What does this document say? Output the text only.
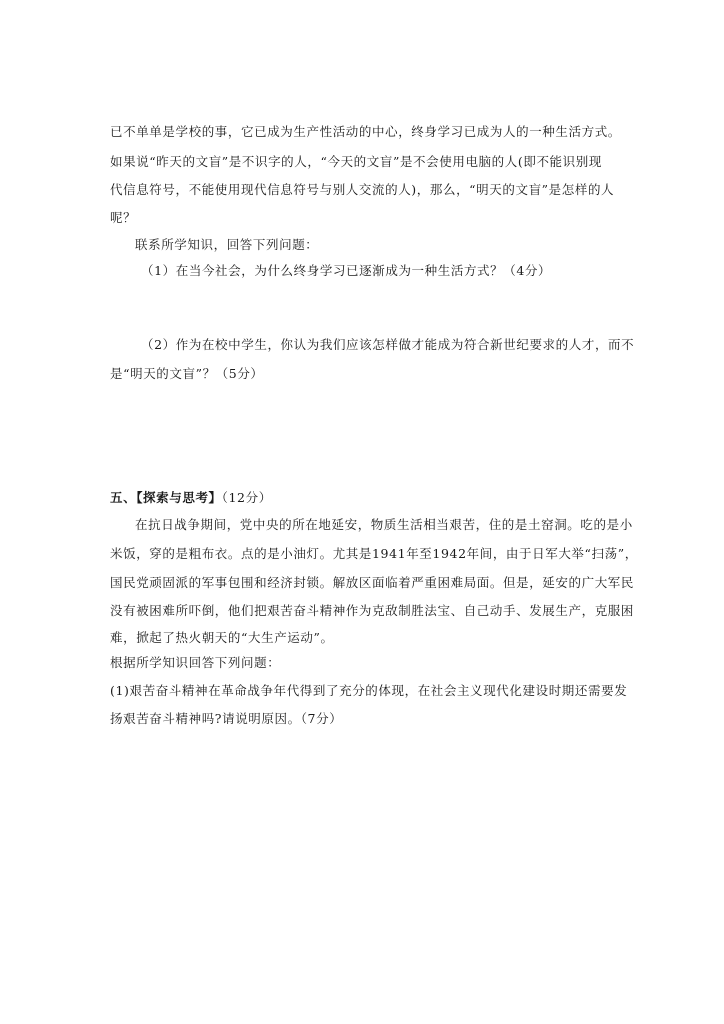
已不单单是学校的事，它已成为生产性活动的中心，终身学习已成为人的一种生活方式。
如果说“昨天的文盲”是不识字的人，“今天的文盲”是不会使用电脑的人(即不能识别现
代信息符号，不能使用现代信息符号与别人交流的人)，那么，“明天的文盲”是怎样的人
呢？
联系所学知识，回答下列问题：
（1）在当今社会，为什么终身学习已逐渐成为一种生活方式？（4分）
（2）作为在校中学生，你认为我们应该怎样做才能成为符合新世纪要求的人才，而不
是“明天的文盲”？（5分）
五、【探索与思考】（12分）
在抗日战争期间，党中央的所在地延安，物质生活相当艰苦，住的是土窑洞。吃的是小
米饭，穿的是粗布衣。点的是小油灯。尤其是1941年至1942年间，由于日军大举“扫荡”，
国民党顽固派的军事包围和经济封锁。解放区面临着严重困难局面。但是，延安的广大军民
没有被困难所吓倒，他们把艰苦奋斗精神作为克敌制胜法宝、自己动手、发展生产，克服困
难，掀起了热火朝天的“大生产运动”。
根据所学知识回答下列问题：
(1)艰苦奋斗精神在革命战争年代得到了充分的体现，在社会主义现代化建设时期还需要发
扬艰苦奋斗精神吗?请说明原因。（7分）
